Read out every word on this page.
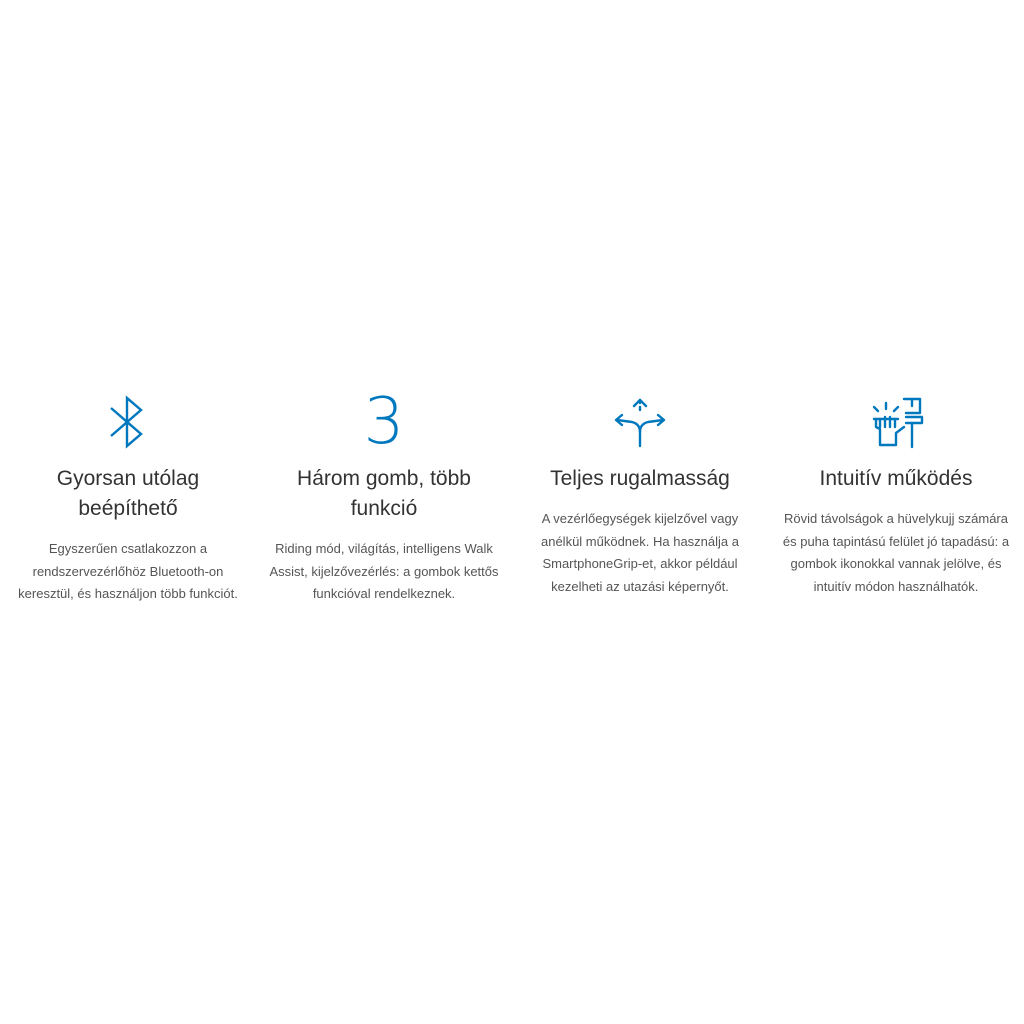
Gyorsan utólag beépíthető
Egyszerűen csatlakozzon a rendszervezérlőhöz Bluetooth-on keresztül, és használjon több funkciót.
3
Három gomb, több funkció
Riding mód, világítás, intelligens Walk Assist, kijelzővezérlés: a gombok kettős funkcióval rendelkeznek.
Teljes rugalmasság
A vezérlőegységek kijelzővel vagy anélkül működnek. Ha használja a SmartphoneGrip-et, akkor például kezelheti az utazási képernyőt.
Intuitív működés
Rövid távolságok a hüvelykujj számára és puha tapintású felület jó tapadású: a gombok ikonokkal vannak jelölve, és intuitív módon használhatók.
